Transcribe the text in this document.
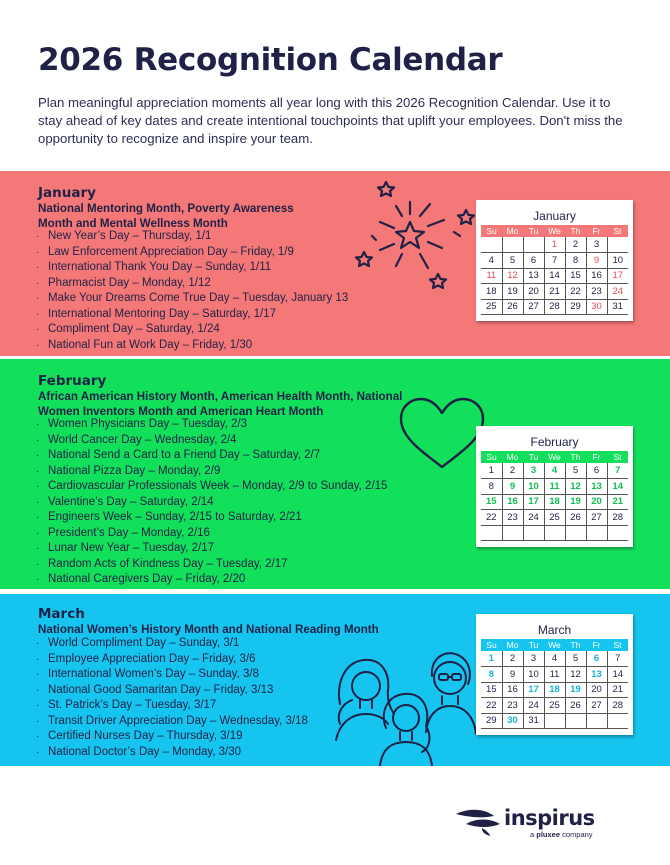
2026 Recognition Calendar

Plan meaningful appreciation moments all year long with this 2026 Recognition Calendar. Use it to stay ahead of key dates and create intentional touchpoints that uplift your employees. Don't miss the opportunity to recognize and inspire your team.

January
National Mentoring Month, Poverty Awareness
Month and Mental Wellness Month
· New Year’s Day – Thursday, 1/1
· Law Enforcement Appreciation Day – Friday, 1/9
· International Thank You Day – Sunday, 1/11
· Pharmacist Day – Monday, 1/12
· Make Your Dreams Come True Day – Tuesday, January 13
· International Mentoring Day – Saturday, 1/17
· Compliment Day – Saturday, 1/24
· National Fun at Work Day – Friday, 1/30
January
Su	Mo	Tu	We	Th	Fr	St
			1	2	3	
4	5	6	7	8	9	10
11	12	13	14	15	16	17
18	19	20	21	22	23	24
25	26	27	28	29	30	31
February
African American History Month, American Health Month, National
Women Inventors Month and American Heart Month
· Women Physicians Day – Tuesday, 2/3
· World Cancer Day – Wednesday, 2/4
· National Send a Card to a Friend Day – Saturday, 2/7
· National Pizza Day – Monday, 2/9
· Cardiovascular Professionals Week – Monday, 2/9 to Sunday, 2/15
· Valentine’s Day – Saturday, 2/14
· Engineers Week – Sunday, 2/15 to Saturday, 2/21
· President’s Day – Monday, 2/16
· Lunar New Year – Tuesday, 2/17
· Random Acts of Kindness Day – Tuesday, 2/17
· National Caregivers Day – Friday, 2/20
February
Su	Mo	Tu	We	Th	Fr	St
1	2	3	4	5	6	7
8	9	10	11	12	13	14
15	16	17	18	19	20	21
22	23	24	25	26	27	28

March
National Women’s History Month and National Reading Month
· World Compliment Day – Sunday, 3/1
· Employee Appreciation Day – Friday, 3/6
· International Women’s Day – Sunday, 3/8
· National Good Samaritan Day – Friday, 3/13
· St. Patrick’s Day – Tuesday, 3/17
· Transit Driver Appreciation Day – Wednesday, 3/18
· Certified Nurses Day – Thursday, 3/19
· National Doctor’s Day – Monday, 3/30
March
Su	Mo	Tu	We	Th	Fr	St
1	2	3	4	5	6	7
8	9	10	11	12	13	14
15	16	17	18	19	20	21
22	23	24	25	26	27	28
29	30	31				
inspirus
a pluxee company
